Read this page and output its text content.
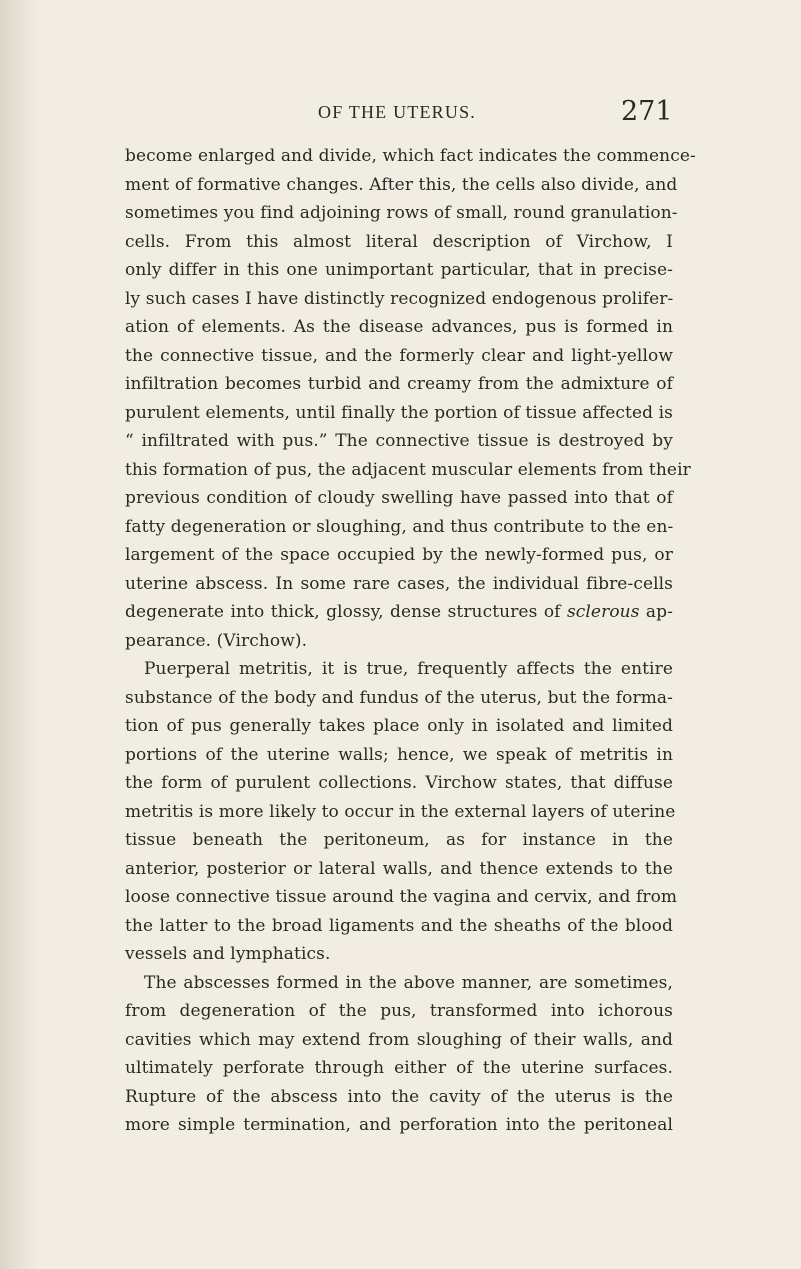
OF THE UTERUS.	271
become enlarged and divide, which fact indicates the commence-
ment of formative changes. After this, the cells also divide, and
sometimes you find adjoining rows of small, round granulation-
cells. From this almost literal description of Virchow, I
only differ in this one unimportant particular, that in precise-
ly such cases I have distinctly recognized endogenous prolifer-
ation of elements. As the disease advances, pus is formed in
the connective tissue, and the formerly clear and light-yellow
infiltration becomes turbid and creamy from the admixture of
purulent elements, until finally the portion of tissue affected is
“ infiltrated with pus.” The connective tissue is destroyed by
this formation of pus, the adjacent muscular elements from their
previous condition of cloudy swelling have passed into that of
fatty degeneration or sloughing, and thus contribute to the en-
largement of the space occupied by the newly-formed pus, or
uterine abscess. In some rare cases, the individual fibre-cells
degenerate into thick, glossy, dense structures of sclerous ap-
pearance. (Virchow).
Puerperal metritis, it is true, frequently affects the entire
substance of the body and fundus of the uterus, but the forma-
tion of pus generally takes place only in isolated and limited
portions of the uterine walls; hence, we speak of metritis in
the form of purulent collections. Virchow states, that diffuse
metritis is more likely to occur in the external layers of uterine
tissue beneath the peritoneum, as for instance in the
anterior, posterior or lateral walls, and thence extends to the
loose connective tissue around the vagina and cervix, and from
the latter to the broad ligaments and the sheaths of the blood
vessels and lymphatics.
The abscesses formed in the above manner, are sometimes,
from degeneration of the pus, transformed into ichorous
cavities which may extend from sloughing of their walls, and
ultimately perforate through either of the uterine surfaces.
Rupture of the abscess into the cavity of the uterus is the
more simple termination, and perforation into the peritoneal
